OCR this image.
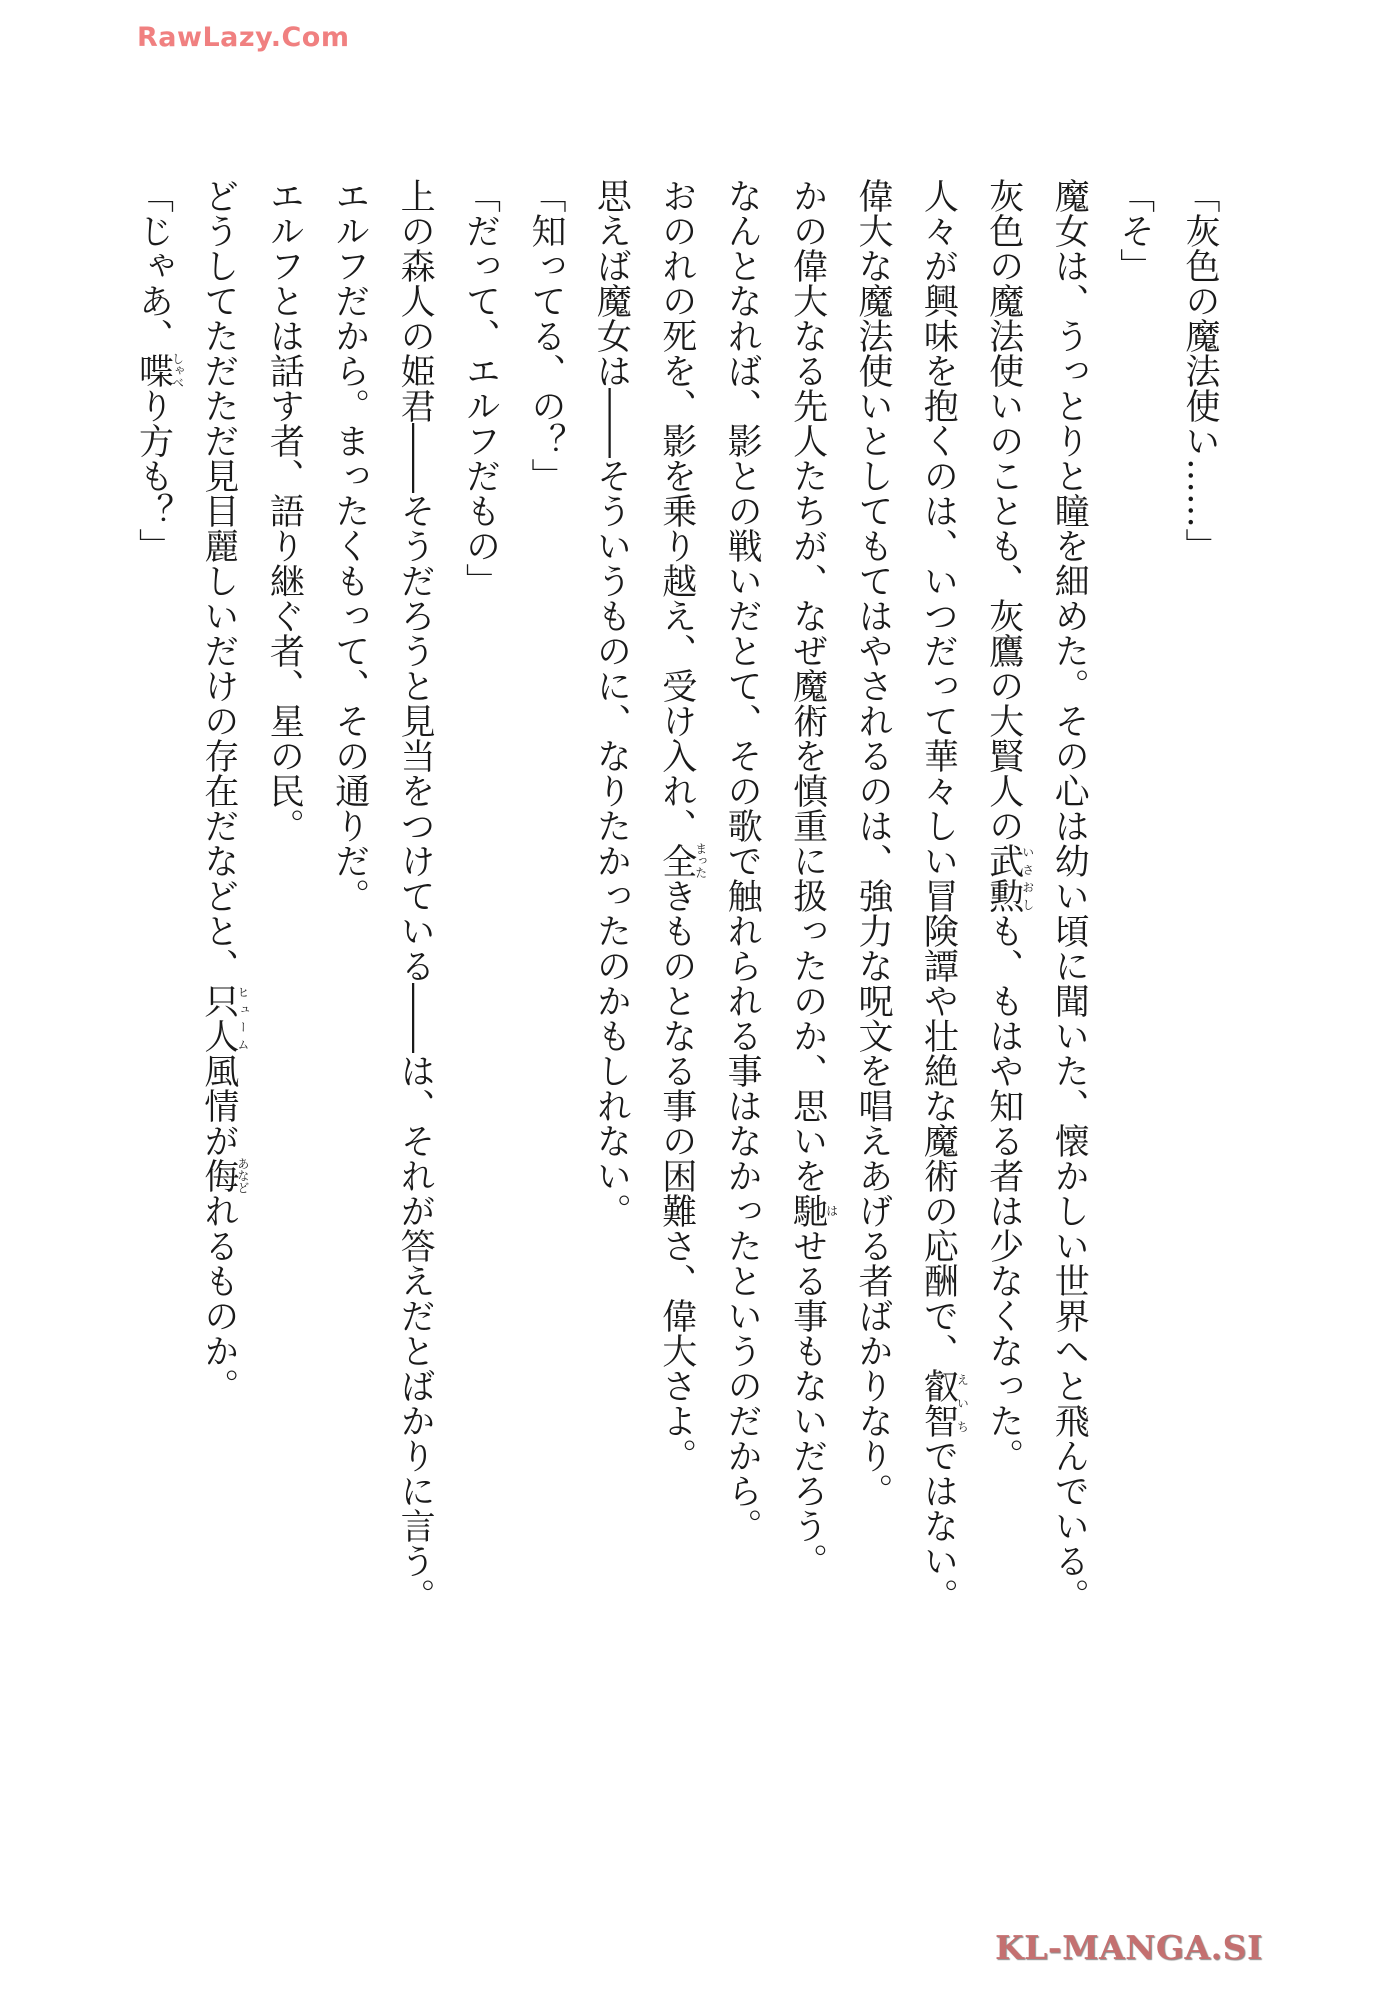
RawLazy.Com
「灰色の魔法使い……」
「そ」
魔女は、うっとりと瞳を細めた。その心は幼い頃に聞いた、懐かしい世界へと飛んでいる。
灰色の魔法使いのことも、灰鷹の大賢人の武勲いさおしも、もはや知る者は少なくなった。
人々が興味を抱くのは、いつだって華々しい冒険譚や壮絶な魔術の応酬で、叡智えいちではない。
偉大な魔法使いとしてもてはやされるのは、強力な呪文を唱えあげる者ばかりなり。
かの偉大なる先人たちが、なぜ魔術を慎重に扱ったのか、思いを馳はせる事もないだろう。
なんとなれば、影との戦いだとて、その歌で触れられる事はなかったというのだから。
おのれの死を、影を乗り越え、受け入れ、全まったきものとなる事の困難さ、偉大さよ。
思えば魔女は――そういうものに、なりたかったのかもしれない。
「知ってる、の？」
「だって、エルフだもの」
上の森人の姫君――そうだろうと見当をつけている――は、それが答えだとばかりに言う。
エルフだから。まったくもって、その通りだ。
エルフとは話す者、語り継ぐ者、星の民。
どうしてただただ見目麗しいだけの存在だなどと、只人ヒューム風情が侮あなどれるものか。
「じゃあ、喋しゃべり方も？」
KL-MANGA.SI
